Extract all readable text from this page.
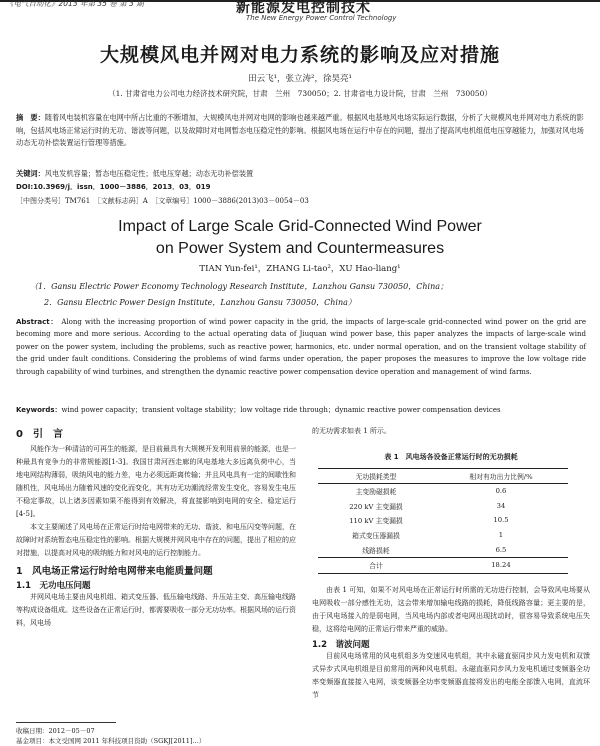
《电气自动化》2013 年第 35 卷 第 3 期	新能源发电控制技术
The New Energy Power Control Technology
大规模风电并网对电力系统的影响及应对措施
田云飞¹，张立涛²，徐昊亮¹
（1. 甘肃省电力公司电力经济技术研究院，甘肃　兰州　730050；2. 甘肃省电力设计院，甘肃　兰州　730050）
摘　要：随着风电装机容量在电网中所占比重的不断增加，大规模风电并网对电网的影响也越来越严重。根据风电基地风电场实际运行数据，分析了大规模风电并网对电力系统的影响，包括风电场正常运行时的无功、谐波等问题，以及故障时对电网暂态电压稳定性的影响。根据风电场在运行中存在的问题，提出了提高风电机组低电压穿越能力，加强对风电场动态无功补偿装置运行管理等措施。
关键词：风电发机容量；暂态电压稳定性；低电压穿越；动态无功补偿装置
DOI:10.3969/j．issn．1000－3886．2013．03．019
［中图分类号］TM761　［文献标志码］A　［文章编号］1000－3886(2013)03－0054－03
Impact of Large Scale Grid-Connected Wind Power
on Power System and Countermeasures
TIAN Yun-fei¹，ZHANG Li-tao²，XU Hao-liang¹
（1．Gansu Electric Power Economy Technology Research Institute，Lanzhou Gansu 730050，China；
2．Gansu Electric Power Design Institute，Lanzhou Gansu 730050，China）
Abstract： Along with the increasing proportion of wind power capacity in the grid, the impacts of large-scale grid-connected wind power on the grid are becoming more and more serious. According to the actual operating data of Jiuquan wind power base, this paper analyzes the impacts of large-scale wind power on the power system, including the problems, such as reactive power, harmonics, etc. under normal operation, and on the transient voltage stability of the grid under fault conditions. Considering the problems of wind farms under operation, the paper proposes the measures to improve the low voltage ride through capability of wind turbines, and strengthen the dynamic reactive power compensation device operation and management of wind farms.
Keywords：wind power capacity；transient voltage stability；low voltage ride through；dynamic reactive power compensation devices
0　引　言

风能作为一种清洁的可再生的能源，是目前最具有大规模开发利用前景的能源，也是一种最具有竞争力的非常规能源[1-3]。我国甘肃河西走廊的风电基地大多远离负荷中心，当地电网结构薄弱，吸纳风电的能力差，电力必须远距离传输；并且风电具有一定的间歇性和随机性，风电场出力随着风速的变化而变化，其有功无功潮流经常发生变化，容易发生电压不稳定事故，以上诸多因素如果不能得到有效解决，将直接影响到电网的安全、稳定运行[4-5]。

本文主要阐述了风电场在正常运行时给电网带来的无功、谐波、和电压闪变等问题，在故障时对系统暂态电压稳定性的影响。根据大规模并网风电中存在的问题，提出了相应的应对措施，以提高对风电的吸纳能力和对风电的运行控制能力。

1　风电场正常运行时给电网带来电能质量问题
1.1　无功电压问题

并网风电场主要由风电机组、箱式变压器、低压输电线路、升压站主变、高压输电线路等构成设备组成。这些设备在正常运行时，都需要吸收一部分无功功率。根据风场的运行资料，风电场

的无功需求如表 1 所示。

表 1　风电场各设备正常运行时的无功损耗
无功损耗类型	相对有功出力比例/%
主变励磁损耗	0.6
220 kV 主变漏损	34
110 kV 主变漏损	10.5
箱式变压器漏损	1
线路损耗	6.5
合计	18.24

由表 1 可知，如果不对风电场在正常运行时所需的无功进行控制，会导致风电场要从电网吸收一部分感性无功，这会带来增加输电线路的损耗，降低线路容量；更主要的是，由于风电场接入的是弱电网，当风电场内部或者电网出现扰动时，很容易导致系统电压失稳，这将给电网的正常运行带来严重的威胁。

1.2　谐波问题

目前风电场常用的风电机组多为变速风电机组，其中永磁直驱同步风力发电机和双馈式异步式风电机组是目前常用的两种风电机组。永磁直驱同步风力发电机通过变频器全功率变频器直接接入电网，该变频器全功率变频器直接将发出的电能全部馈入电网，直流环节

收稿日期：2012－05－07
基金项目：本文受国网 2011 年科技项目资助（SGKJ[2011]…）
